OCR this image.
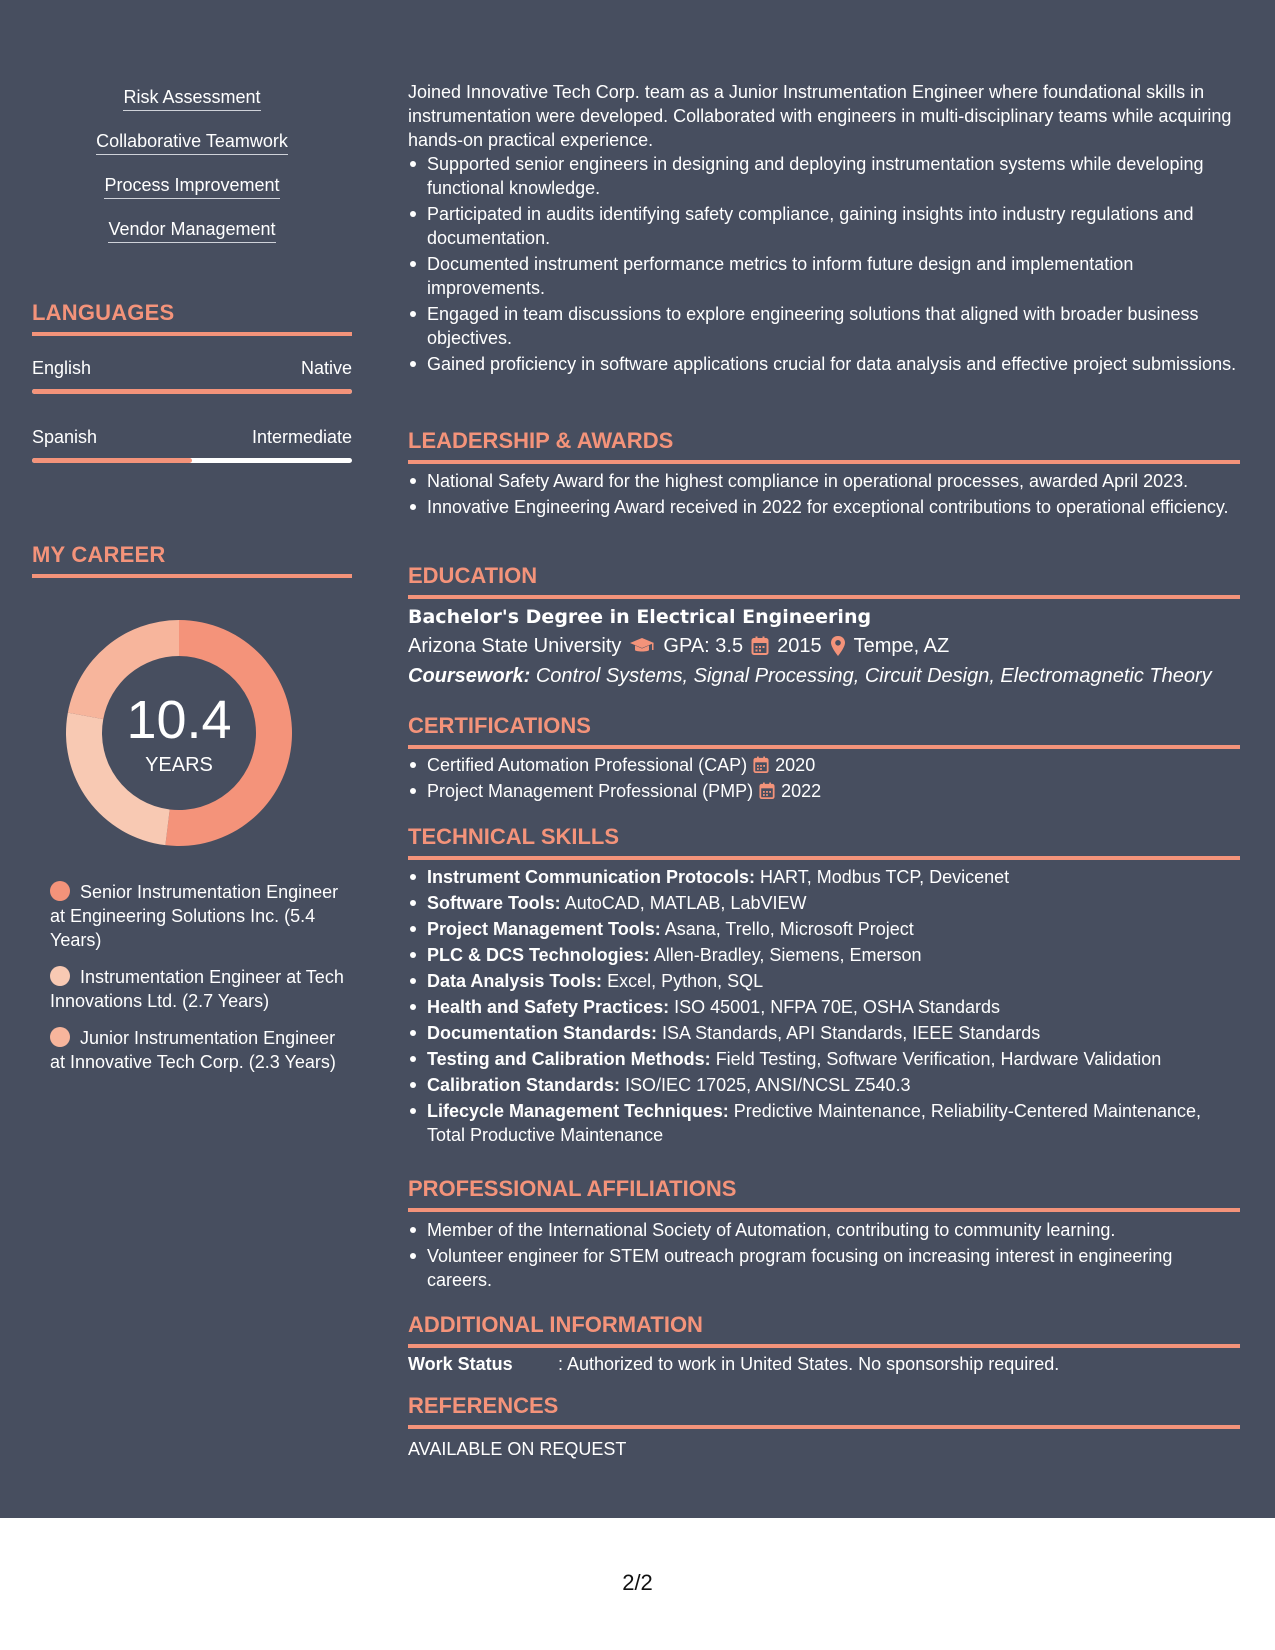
Risk Assessment
Collaborative Teamwork
Process Improvement
Vendor Management
LANGUAGES
English	Native
Spanish	Intermediate
MY CAREER
10.4
YEARS
Senior Instrumentation Engineer at Engineering Solutions Inc. (5.4 Years)
Instrumentation Engineer at Tech Innovations Ltd. (2.7 Years)
Junior Instrumentation Engineer at Innovative Tech Corp. (2.3 Years)

Joined Innovative Tech Corp. team as a Junior Instrumentation Engineer where foundational skills in instrumentation were developed. Collaborated with engineers in multi-disciplinary teams while acquiring hands-on practical experience.

Supported senior engineers in designing and deploying instrumentation systems while developing functional knowledge.
Participated in audits identifying safety compliance, gaining insights into industry regulations and documentation.
Documented instrument performance metrics to inform future design and implementation improvements.
Engaged in team discussions to explore engineering solutions that aligned with broader business objectives.
Gained proficiency in software applications crucial for data analysis and effective project submissions.
LEADERSHIP & AWARDS
National Safety Award for the highest compliance in operational processes, awarded April 2023.
Innovative Engineering Award received in 2022 for exceptional contributions to operational efficiency.
EDUCATION
Bachelor's Degree in Electrical Engineering
Arizona State University GPA: 3.5 2015 Tempe, AZ
Coursework: Control Systems, Signal Processing, Circuit Design, Electromagnetic Theory
CERTIFICATIONS
Certified Automation Professional (CAP) 2020
Project Management Professional (PMP) 2022
TECHNICAL SKILLS
Instrument Communication Protocols: HART, Modbus TCP, Devicenet
Software Tools: AutoCAD, MATLAB, LabVIEW
Project Management Tools: Asana, Trello, Microsoft Project
PLC & DCS Technologies: Allen-Bradley, Siemens, Emerson
Data Analysis Tools: Excel, Python, SQL
Health and Safety Practices: ISO 45001, NFPA 70E, OSHA Standards
Documentation Standards: ISA Standards, API Standards, IEEE Standards
Testing and Calibration Methods: Field Testing, Software Verification, Hardware Validation
Calibration Standards: ISO/IEC 17025, ANSI/NCSL Z540.3
Lifecycle Management Techniques: Predictive Maintenance, Reliability-Centered Maintenance, Total Productive Maintenance
PROFESSIONAL AFFILIATIONS
Member of the International Society of Automation, contributing to community learning.
Volunteer engineer for STEM outreach program focusing on increasing interest in engineering careers.
ADDITIONAL INFORMATION
Work Status	: Authorized to work in United States. No sponsorship required.
REFERENCES

AVAILABLE ON REQUEST

2/2
